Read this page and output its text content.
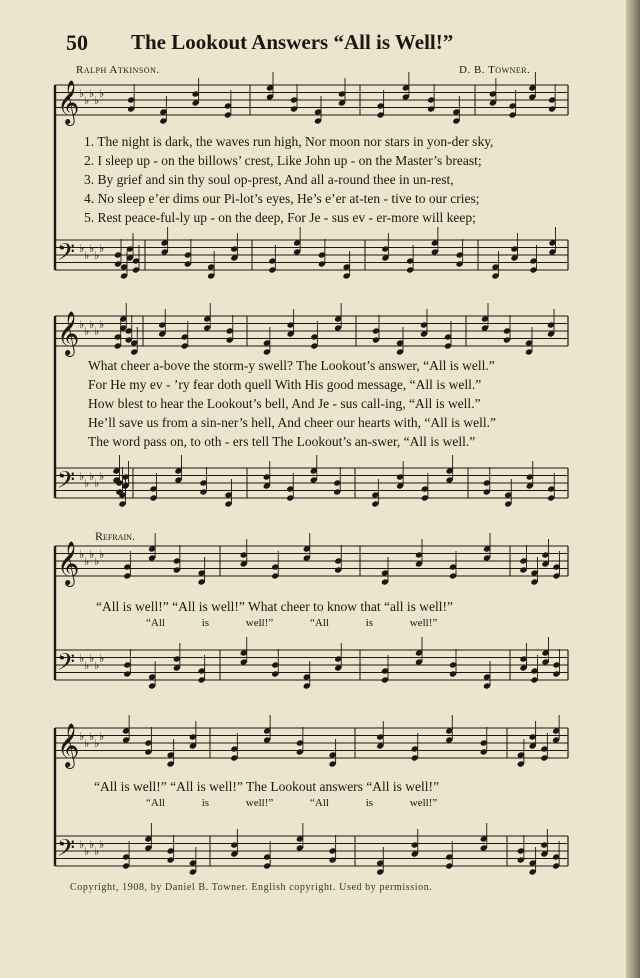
50 The Lookout Answers “All is Well!”
Ralph Atkinson.	D. B. Towner.
𝄞 ♭
♭
♭
♭
♭
𝄢 ♭
♭
♭
♭
♭
𝄞 ♭
♭
♭
♭
♭
𝄢 ♭
♭
♭
♭
♭
𝄞 ♭
♭
♭
♭
♭
𝄢 ♭
♭
♭
♭
♭
𝄞 ♭
♭
♭
♭
♭
𝄢 ♭
♭
♭
♭
♭
1. The night is dark, the waves run high, Nor moon nor stars in yon-der sky,
2. I sleep up - on the billows’ crest, Like John up - on the Master’s breast;
3. By grief and sin thy soul op-prest, And all a-round thee in un-rest,
4. No sleep e’er dims our Pi-lot’s eyes, He’s e’er at-ten - tive to our cries;
5. Rest peace-ful-ly up - on the deep, For Je - sus ev - er-more will keep;
What cheer a-bove the storm-y swell? The Lookout’s answer, “All is well.”
For He my ev - ’ry fear doth quell With His good message, “All is well.”
How blest to hear the Lookout’s bell, And Je - sus call-ing, “All is well.”
He’ll save us from a sin-ner’s hell, And cheer our hearts with, “All is well.”
The word pass on, to oth - ers tell The Lookout’s an-swer, “All is well.”
Refrain.
“All is well!” “All is well!” What cheer to know that “all is well!”
“All is well!” “All is well!”
“All is well!” “All is well!” The Lookout answers “All is well!”
“All is well!” “All is well!”
Copyright, 1908, by Daniel B. Towner. English copyright. Used by permission.
